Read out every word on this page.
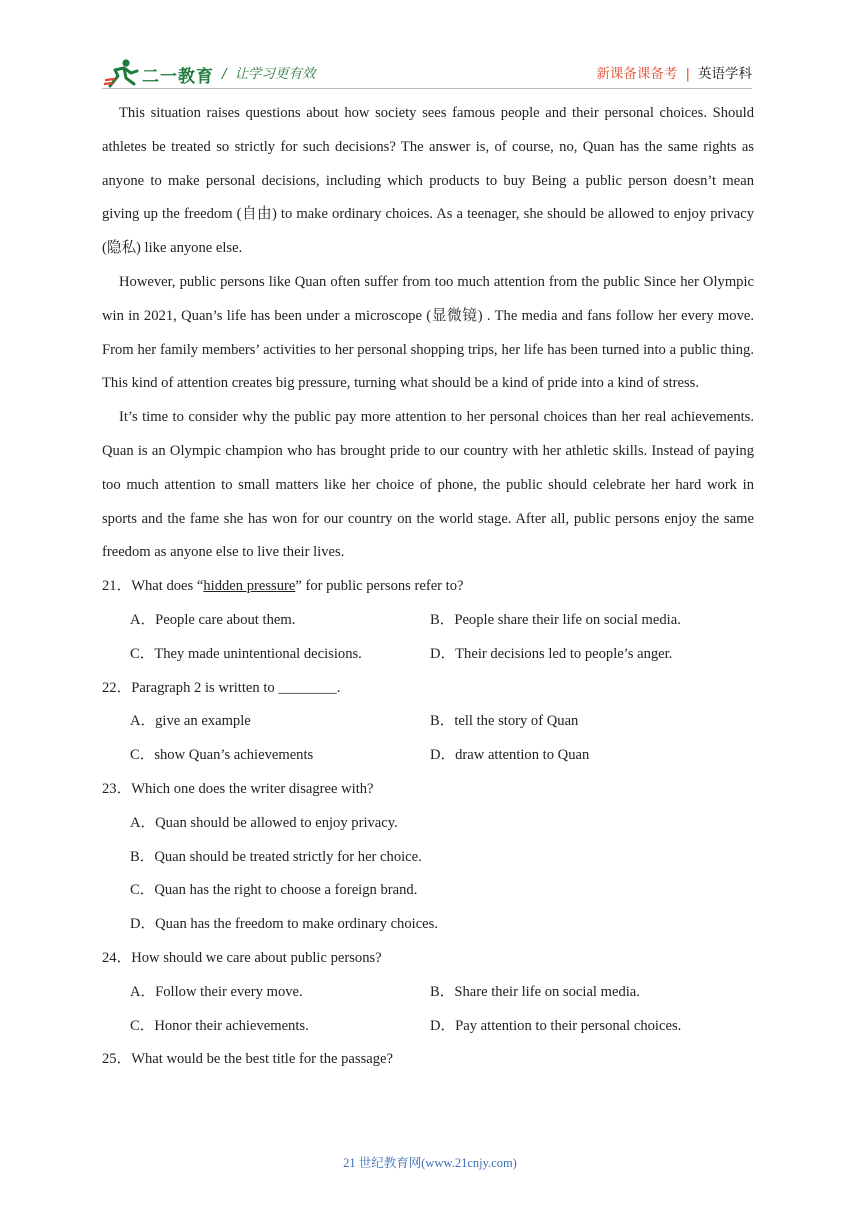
二一教育 / 让学习更有效	新课备课备考 | 英语学科

This situation raises questions about how society sees famous people and their personal choices. Should athletes be treated so strictly for such decisions? The answer is, of course, no, Quan has the same rights as anyone to make personal decisions, including which products to buy Being a public person doesn’t mean giving up the freedom (自由) to make ordinary choices. As a teenager, she should be allowed to enjoy privacy (隐私) like anyone else.

However, public persons like Quan often suffer from too much attention from the public Since her Olympic win in 2021, Quan’s life has been under a microscope (显微镜) . The media and fans follow her every move. From her family members’ activities to her personal shopping trips, her life has been turned into a public thing. This kind of attention creates big pressure, turning what should be a kind of pride into a kind of stress.

It’s time to consider why the public pay more attention to her personal choices than her real achievements. Quan is an Olympic champion who has brought pride to our country with her athletic skills. Instead of paying too much attention to small matters like her choice of phone, the public should celebrate her hard work in sports and the fame she has won for our country on the world stage. After all, public persons enjoy the same freedom as anyone else to live their lives.

21．What does “hidden pressure” for public persons refer to?
A．People care about them.	B．People share their life on social media.
C．They made unintentional decisions.	D．Their decisions led to people’s anger.
22．Paragraph 2 is written to ________.
A．give an example	B．tell the story of Quan
C．show Quan’s achievements	D．draw attention to Quan
23．Which one does the writer disagree with?
A．Quan should be allowed to enjoy privacy.
B．Quan should be treated strictly for her choice.
C．Quan has the right to choose a foreign brand.
D．Quan has the freedom to make ordinary choices.
24．How should we care about public persons?
A．Follow their every move.	B．Share their life on social media.
C．Honor their achievements.	D．Pay attention to their personal choices.
25．What would be the best title for the passage?
21 世纪教育网(www.21cnjy.com)
